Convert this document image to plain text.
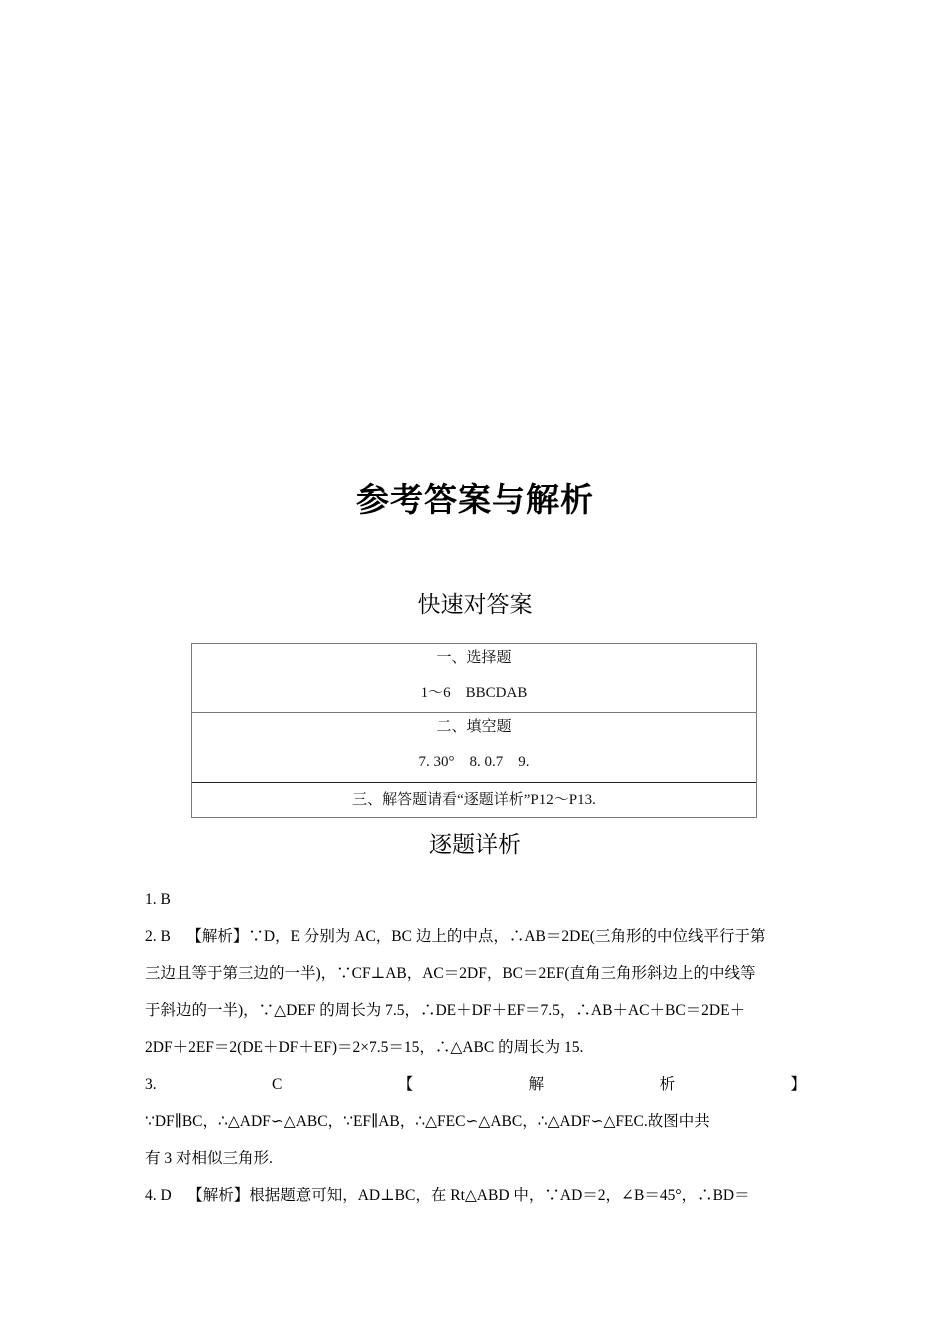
参考答案与解析
快速对答案
一、选择题
1～6　BBCDAB
二、填空题
7. 30°　8. 0.7　9.
三、解答题请看“逐题详析”P12～P13.
逐题详析

1. B

2. B  【解析】∵D，E 分别为 AC，BC 边上的中点，∴AB＝2DE(三角形的中位线平行于第

三边且等于第三边的一半)，∵CF⊥AB，AC＝2DF，BC＝2EF(直角三角形斜边上的中线等

于斜边的一半)，∵△DEF 的周长为 7.5，∴DE＋DF＋EF＝7.5，∴AB＋AC＋BC＝2DE＋

2DF＋2EF＝2(DE＋DF＋EF)＝2×7.5＝15，∴△ABC 的周长为 15.

3.	C	【	解	析	】

∵DF∥BC，∴△ADF∽△ABC，∵EF∥AB，∴△FEC∽△ABC，∴△ADF∽△FEC.故图中共

有 3 对相似三角形.

4. D  【解析】根据题意可知，AD⊥BC，在 Rt△ABD 中，∵AD＝2，∠B＝45°，∴BD＝
